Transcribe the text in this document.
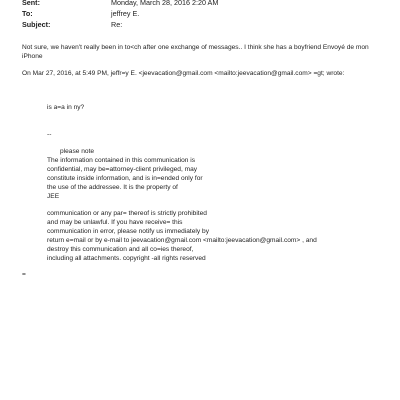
Sent:	Monday, March 28, 2016 2:20 AM
To:	jeffrey E.
Subject:	Re:
Not sure, we haven't really been in to<ch after one exchange of messages.. I think she has a boyfriend Envoyé de mon
iPhone
On Mar 27, 2016, at 5:49 PM, jeffr=y E. <jeevacation@gmail.com <mailto:jeevacation@gmail.com> =gt; wrote:
is a=a in ny?
--
please note
The information contained in this communication is
confidential, may be=attorney-client privileged, may
constitute inside information, and is in=ended only for
the use of the addressee. It is the property of
JEE
communication or any par= thereof is strictly prohibited
and may be unlawful. If you have receive= this
communication in error, please notify us immediately by
return e=mail or by e-mail to jeevacation@gmail.com <mailto:jeevacation@gmail.com> , and
destroy this communication and all co=ies thereof,
including all attachments. copyright -all rights reserved
=
